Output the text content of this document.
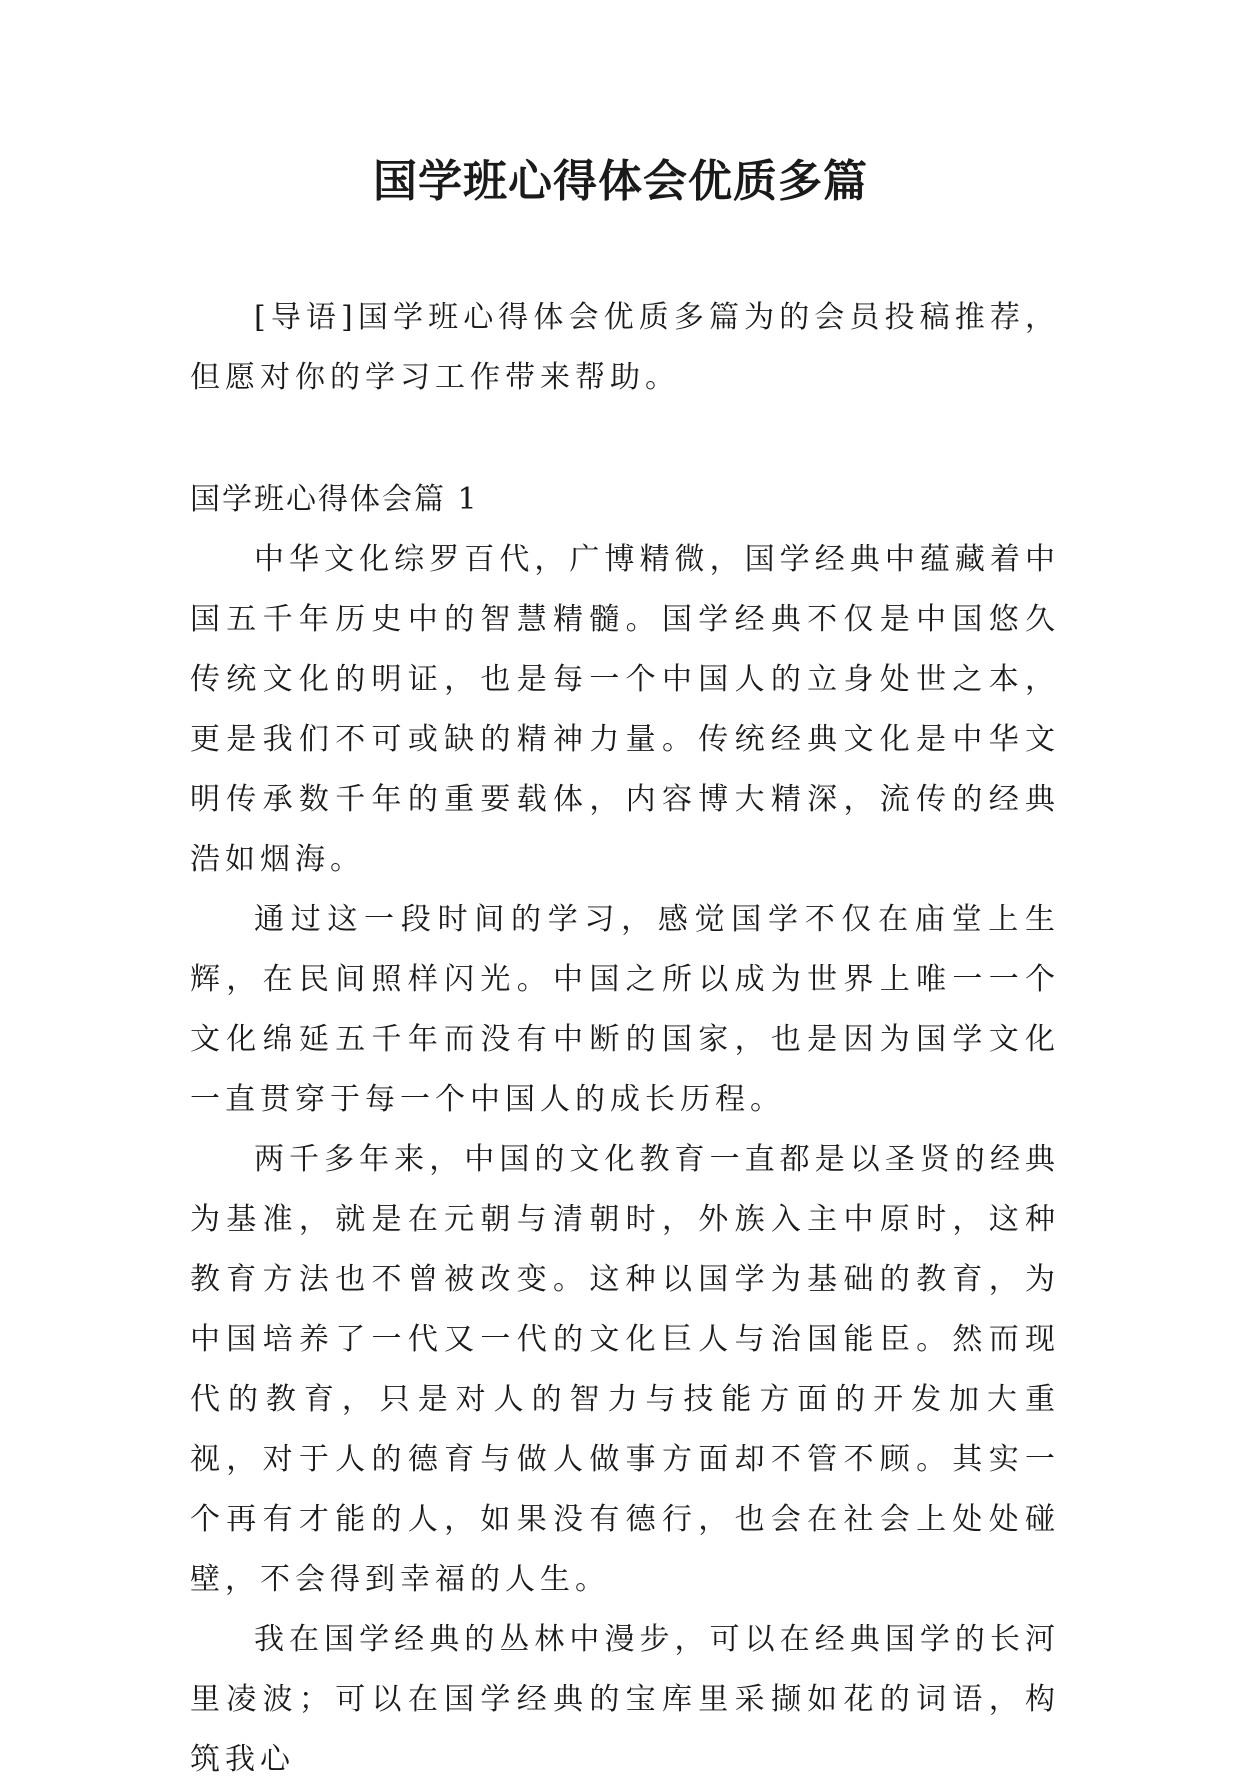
国学班心得体会优质多篇

[导语]国学班心得体会优质多篇为的会员投稿推荐，但愿对你的学习工作带来帮助。

国学班心得体会篇 1

中华文化综罗百代，广博精微，国学经典中蕴藏着中国五千年历史中的智慧精髓。国学经典不仅是中国悠久传统文化的明证，也是每一个中国人的立身处世之本，更是我们不可或缺的精神力量。传统经典文化是中华文明传承数千年的重要载体，内容博大精深，流传的经典浩如烟海。

通过这一段时间的学习，感觉国学不仅在庙堂上生辉，在民间照样闪光。中国之所以成为世界上唯一一个文化绵延五千年而没有中断的国家，也是因为国学文化一直贯穿于每一个中国人的成长历程。

两千多年来，中国的文化教育一直都是以圣贤的经典为基准，就是在元朝与清朝时，外族入主中原时，这种教育方法也不曾被改变。这种以国学为基础的教育，为中国培养了一代又一代的文化巨人与治国能臣。然而现代的教育，只是对人的智力与技能方面的开发加大重视，对于人的德育与做人做事方面却不管不顾。其实一个再有才能的人，如果没有德行，也会在社会上处处碰壁，不会得到幸福的人生。

我在国学经典的丛林中漫步，可以在经典国学的长河里凌波；可以在国学经典的宝库里采撷如花的词语，构筑我心
